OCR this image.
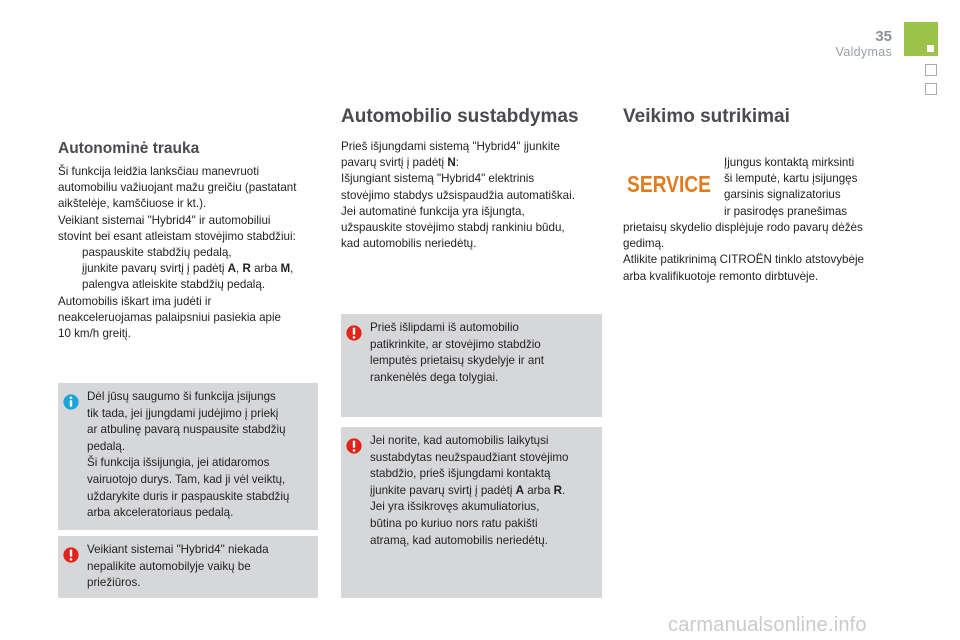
35
Valdymas
Autonominė trauka

Ši funkcija leidžia lanksčiau manevruoti

automobiliu važiuojant mažu greičiu (pastatant

aikštelėje, kamščiuose ir kt.).

Veikiant sistemai "Hybrid4" ir automobiliui

stovint bei esant atleistam stovėjimo stabdžiui:

paspauskite stabdžių pedalą,

įjunkite pavarų svirtį į padėtį A, R arba M,

palengva atleiskite stabdžių pedalą.

Automobilis iškart ima judėti ir

neakceleruojamas palaipsniui pasiekia apie

10 km/h greitį.

Dėl jūsų saugumo ši funkcija įsijungs

tik tada, jei įjungdami judėjimo į priekį

ar atbulinę pavarą nuspausite stabdžių

pedalą.

Ši funkcija išsijungia, jei atidaromos

vairuotojo durys. Tam, kad ji vėl veiktų,

uždarykite duris ir paspauskite stabdžių

arba akceleratoriaus pedalą.

Veikiant sistemai "Hybrid4" niekada

nepalikite automobilyje vaikų be

priežiūros.

Automobilio sustabdymas

Prieš išjungdami sistemą "Hybrid4" įjunkite

pavarų svirtį į padėtį N:

Išjungiant sistemą "Hybrid4" elektrinis

stovėjimo stabdys užsispaudžia automatiškai.

Jei automatinė funkcija yra išjungta,

užspauskite stovėjimo stabdį rankiniu būdu,

kad automobilis neriedėtų.

Prieš išlipdami iš automobilio

patikrinkite, ar stovėjimo stabdžio

lemputės prietaisų skydelyje ir ant

rankenėlės dega tolygiai.

Jei norite, kad automobilis laikytųsi

sustabdytas neužspaudžiant stovėjimo

stabdžio, prieš išjungdami kontaktą

įjunkite pavarų svirtį į padėtį A arba R.

Jei yra išsikrovęs akumuliatorius,

būtina po kuriuo nors ratu pakišti

atramą, kad automobilis neriedėtų.

Veikimo sutrikimai
SERVICE

Įjungus kontaktą mirksinti

ši lemputė, kartu įsijungęs

garsinis signalizatorius

ir pasirodęs pranešimas

prietaisų skydelio displėjuje rodo pavarų dėžės

gedimą.

Atlikite patikrinimą CITROËN tinklo atstovybėje

arba kvalifikuotoje remonto dirbtuvėje.

carmanualsonline.info
